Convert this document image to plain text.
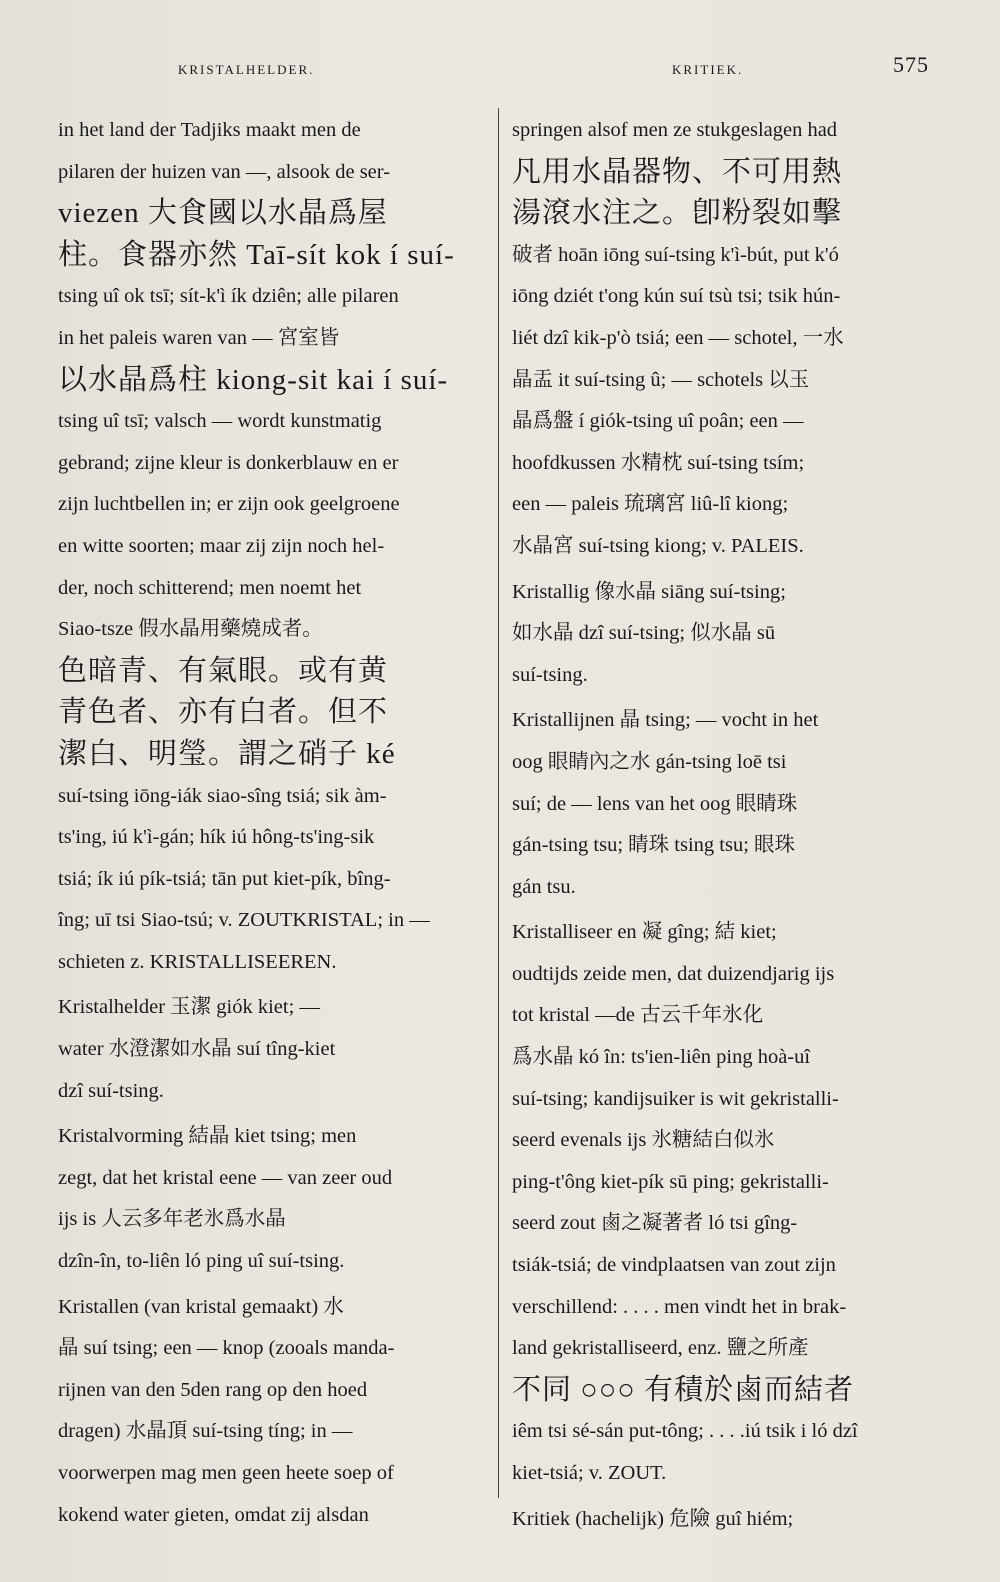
KRISTALHELDER.	KRITIEK.	575
in het land der Tadjiks maakt men de
pilaren der huizen van —, alsook de ser-
viezen 大食國以水晶爲屋
柱。食器亦然 Taī-sít kok í suí-
tsing uî ok tsī; sít-k'ì ík dziên; alle pilaren
in het paleis waren van — 宮室皆
以水晶爲柱 kiong-sit kai í suí-
tsing uî tsī; valsch — wordt kunstmatig
gebrand; zijne kleur is donkerblauw en er
zijn luchtbellen in; er zijn ook geelgroene
en witte soorten; maar zij zijn noch hel-
der, noch schitterend; men noemt het
Siao-tsze 假水晶用藥燒成者。
色暗青、有氣眼。或有黄
青色者、亦有白者。但不
潔白、明瑩。謂之硝子 ké
suí-tsing iōng-iák siao-sîng tsiá; sik àm-
ts'ing, iú k'ì-gán; hík iú hông-ts'ing-sik
tsiá; ík iú pík-tsiá; tān put kiet-pík, bîng-
îng; uī tsi Siao-tsú; v. ZOUTKRISTAL; in —
schieten z. KRISTALLISEEREN.
Kristalhelder 玉潔 giók kiet; —
water 水澄潔如水晶 suí tîng-kiet
dzî suí-tsing.
Kristalvorming 結晶 kiet tsing; men
zegt, dat het kristal eene — van zeer oud
ijs is 人云多年老氷爲水晶
dzîn-în, to-liên ló ping uî suí-tsing.
Kristallen (van kristal gemaakt) 水
晶 suí tsing; een — knop (zooals manda-
rijnen van den 5den rang op den hoed
dragen) 水晶頂 suí-tsing tíng; in —
voorwerpen mag men geen heete soep of
kokend water gieten, omdat zij alsdan
springen alsof men ze stukgeslagen had
凡用水晶器物、不可用熱
湯滾水注之。卽粉裂如擊
破者 hoān iōng suí-tsing k'ì-bút, put k'ó
iōng dziét t'ong kún suí tsù tsi; tsik hún-
liét dzî kik-p'ò tsiá; een — schotel, 一水
晶盂 it suí-tsing û; — schotels 以玉
晶爲盤 í giók-tsing uî poân; een —
hoofdkussen 水精枕 suí-tsing tsím;
een — paleis 琉璃宮 liû-lî kiong;
水晶宮 suí-tsing kiong; v. PALEIS.
Kristallig 像水晶 siāng suí-tsing;
如水晶 dzî suí-tsing; 似水晶 sū
suí-tsing.
Kristallijnen 晶 tsing; — vocht in het
oog 眼睛內之水 gán-tsing loē tsi
suí; de — lens van het oog 眼睛珠
gán-tsing tsu; 睛珠 tsing tsu; 眼珠
gán tsu.
Kristalliseer en 凝 gîng; 結 kiet;
oudtijds zeide men, dat duizendjarig ijs
tot kristal —de 古云千年氷化
爲水晶 kó în: ts'ien-liên ping hoà-uî
suí-tsing; kandijsuiker is wit gekristalli-
seerd evenals ijs 氷糖結白似氷
ping-t'ông kiet-pík sū ping; gekristalli-
seerd zout 鹵之凝著者 ló tsi gîng-
tsiák-tsiá; de vindplaatsen van zout zijn
verschillend: . . . . men vindt het in brak-
land gekristalliseerd, enz. 鹽之所產
不同 ○○○ 有積於鹵而結者
iêm tsi sé-sán put-tông; . . . .iú tsik i ló dzî
kiet-tsiá; v. ZOUT.
Kritiek (hachelijk) 危險 guî hiém;
